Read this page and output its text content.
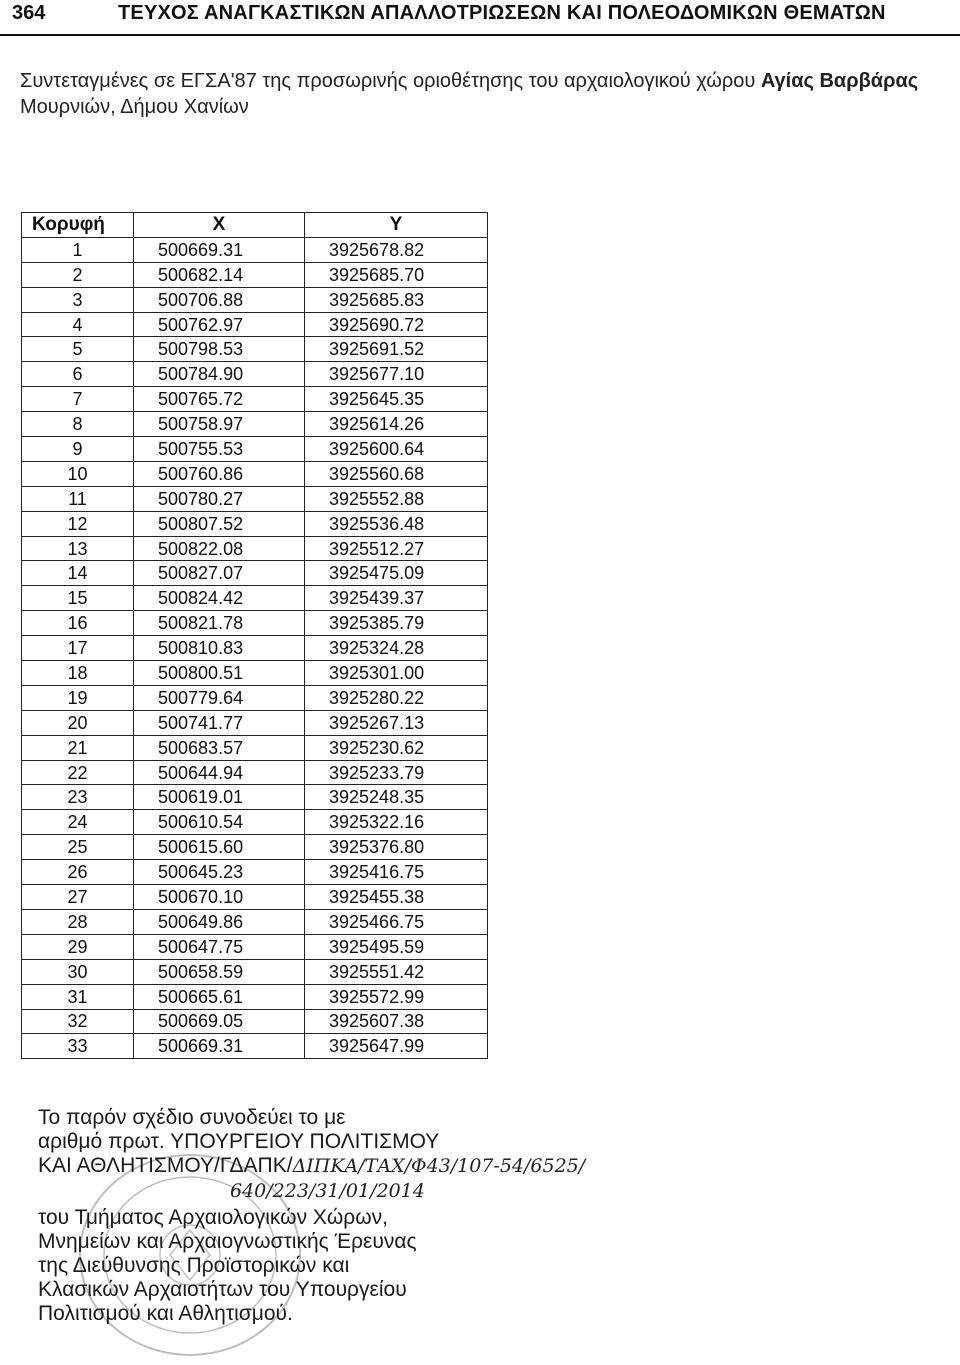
364	ΤΕΥΧΟΣ ΑΝΑΓΚΑΣΤΙΚΩΝ ΑΠΑΛΛΟΤΡΙΩΣΕΩΝ ΚΑΙ ΠΟΛΕΟΔΟΜΙΚΩΝ ΘΕΜΑΤΩΝ
Συντεταγμένες σε ΕΓΣΑ'87 της προσωρινής οριοθέτησης του αρχαιολογικού χώρου Αγίας Βαρβάρας
Μουρνιών, Δήμου Χανίων
Κορυφή	X	Y
1	500669.31	3925678.82
2	500682.14	3925685.70
3	500706.88	3925685.83
4	500762.97	3925690.72
5	500798.53	3925691.52
6	500784.90	3925677.10
7	500765.72	3925645.35
8	500758.97	3925614.26
9	500755.53	3925600.64
10	500760.86	3925560.68
11	500780.27	3925552.88
12	500807.52	3925536.48
13	500822.08	3925512.27
14	500827.07	3925475.09
15	500824.42	3925439.37
16	500821.78	3925385.79
17	500810.83	3925324.28
18	500800.51	3925301.00
19	500779.64	3925280.22
20	500741.77	3925267.13
21	500683.57	3925230.62
22	500644.94	3925233.79
23	500619.01	3925248.35
24	500610.54	3925322.16
25	500615.60	3925376.80
26	500645.23	3925416.75
27	500670.10	3925455.38
28	500649.86	3925466.75
29	500647.75	3925495.59
30	500658.59	3925551.42
31	500665.61	3925572.99
32	500669.05	3925607.38
33	500669.31	3925647.99
Το παρόν σχέδιο συνοδεύει το με
αριθμό πρωτ. ΥΠΟΥΡΓΕΙΟΥ ΠΟΛΙΤΙΣΜΟΥ
ΚΑΙ ΑΘΛΗΤΙΣΜΟΥ/ΓΔΑΠΚ/ΔΙΠΚΑ/ΤΑΧ/Φ43/107-54/6525/
640/223/31/01/2014
του Τμήματος Αρχαιολογικών Χώρων,
Μνημείων και Αρχαιογνωστικής Έρευνας
της Διεύθυνσης Προϊστορικών και
Κλασικών Αρχαιοτήτων του Υπουργείου
Πολιτισμού και Αθλητισμού.
